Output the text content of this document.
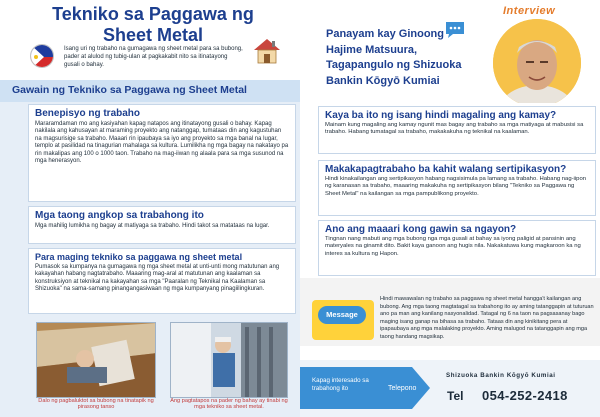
Tekniko sa Paggawa ng
Sheet Metal
Isang uri ng trabaho na gumagawa ng sheet metal para sa bubong, pader at alulod ng tubig-ulan at pagkakabit nito sa itinatayong gusali o bahay.
Gawain ng Tekniko sa Paggawa ng Sheet Metal
Benepisyo ng trabaho
Mararamdaman mo ang kasiyahan kapag natapos ang itinatayong gusali o bahay. Kapag nakilala ang kahusayan at maraming proyekto ang natanggap, tumataas din ang kagustuhan na magsurisige sa trabaho. Maaari rin ipaubaya sa iyo ang proyekto sa mga banal na lugar, templo at pasilidad na tinagurian mahalaga sa kultura. Lumilikha ng mga bagay na nakatayo pa rin makalipas ang 100 o 1000 taon. Trabaho na mag-iiwan ng alaala para sa mga susunod na mga henerasyon.
Mga taong angkop sa trabahong ito
Mga mahilig lumikha ng bagay at matiyaga sa trabaho. Hindi takot sa matataas na lugar.
Para maging tekniko sa paggawa ng sheet metal
Pumasok sa kumpanya na gumagawa ng mga sheet metal at unti-unti mong matutunan ang kakayahan habang nagtatrabaho. Maaaring mag-aral at matutunan ang kaalaman sa konstruksiyon at teknikal na kakayahan sa mga "Paaralan ng Teknikal na Kaalaman sa Shizuoka" na sama-samang pinangangasiwaan ng mga kumpanyang pinagiilingkuran.
Dalo ng pagbaluktot sa bubong na tinatapik ng pirasong tanso
Ang pagtatapos na pader ng bahay ay tinabi ng mga tekniko sa sheet metal.
Interview
Panayam kay Ginoong
Hajime Matsuura,
Tagapangulo ng Shizuoka
Bankin Kōgyō Kumiai
Kaya ba ito ng isang hindi magaling ang kamay?
Mainam kung magaling ang kamay ngunit mas bagay ang trabaho sa mga matiyaga at mabusisi sa trabaho. Habang tumatagal sa trabaho, makakakuha ng teknikal na kaalaman.
Makakapagtrabaho ba kahit walang sertipikasyon?
Hindi kinakailangan ang sertipikasyon habang nagsisimula pa lamang sa trabaho. Habang nag-iipon ng karanasan sa trabaho, maaaring makakuha ng sertipikasyon bilang "Tekniko sa Paggawa ng Sheet Metal" na kailangan sa mga pampublikong proyekto.
Ano ang maaari kong gawin sa ngayon?
Tingnan nang mabuti ang mga bubong nga mga gusali at bahay sa iyong paligid at pansinin ang materyales na ginamit dito. Bakit kaya ganoon ang hugis nila. Nakakatuwa kung magkaroon ka ng interes sa kultura ng Hapon.
Message
Hindi mawawalan ng trabaho sa paggawa ng sheet metal hangga't kailangan ang bubong. Ang mga taong magtatagal sa trabahong ito ay aming tatanggapin at tuturuan ano pa man ang kanilang nasyonalidad. Tatagal ng 6 na taon na pagsasanay bago maging isang ganap na bihasa sa trabaho. Tataas din ang kinikitang pera at ipapaubaya ang mga malalaking proyekto. Aming malugod na tatanggapin ang mga taong handang magsikap.
Kapag interesado sa trabahong ito	Telepono
Shizuoka Bankin Kōgyō Kumiai
Tel 054-252-2418
